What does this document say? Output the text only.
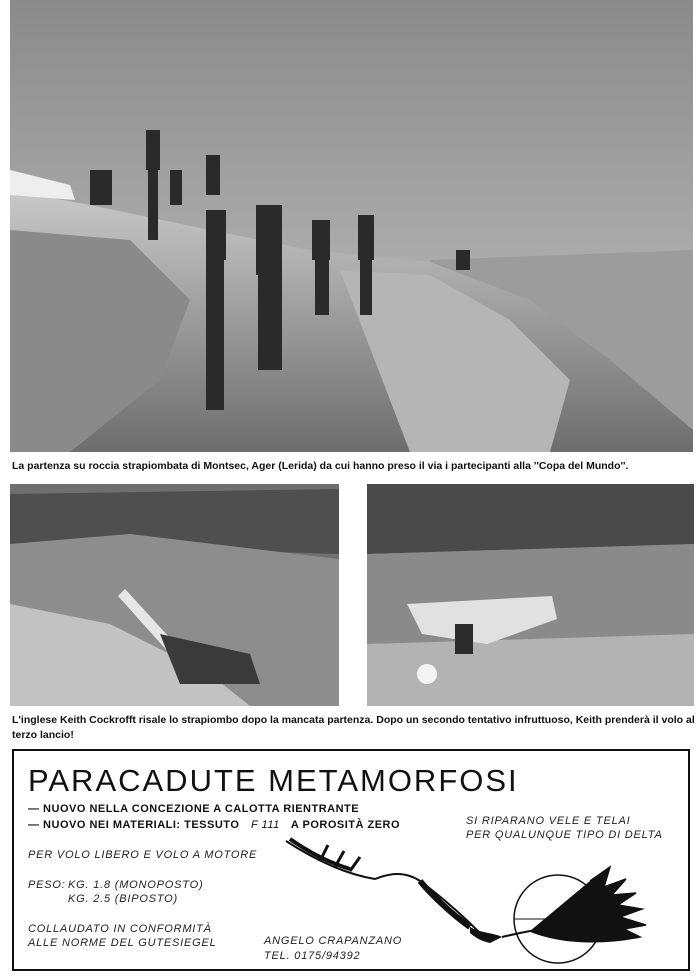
La partenza su roccia strapiombata di Montsec, Ager (Lerida) da cui hanno preso il via i partecipanti alla ''Copa del Mundo''.
L'inglese Keith Cockrofft risale lo strapiombo dopo la mancata partenza. Dopo un secondo tentativo infruttuoso, Keith prenderà il volo al terzo lancio!
PARACADUTE METAMORFOSI
— NUOVO NELLA CONCEZIONE A CALOTTA RIENTRANTE
— NUOVO NEI MATERIALI: TESSUTO F 111 A POROSITÀ ZERO	SI RIPARANO VELE E TELAI
PER QUALUNQUE TIPO DI DELTA
PER VOLO LIBERO E VOLO A MOTORE
PESO: KG. 1.8 (MONOPOSTO)
KG. 2.5 (BIPOSTO)
COLLAUDATO IN CONFORMITÀ
ALLE NORME DEL GUTESIEGEL	ANGELO CRAPANZANO
TEL. 0175/94392
